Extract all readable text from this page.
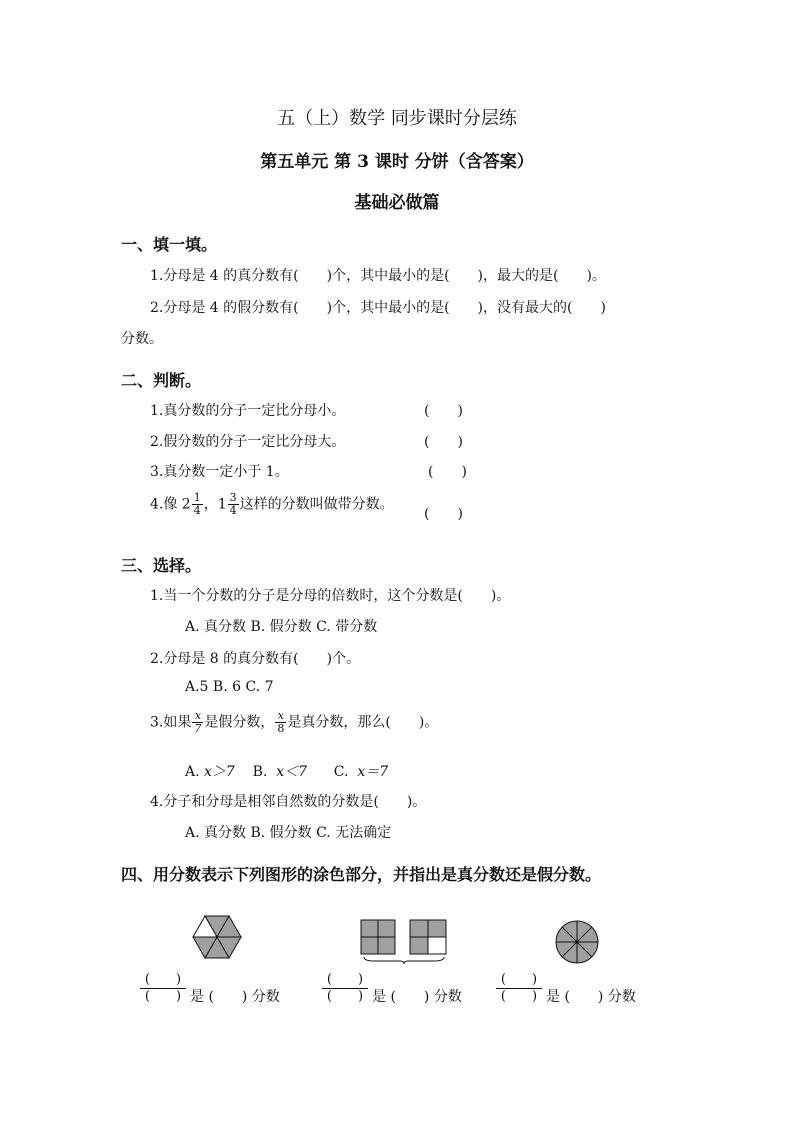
五（上）数学 同步课时分层练
第五单元 第 3 课时 分饼（含答案）
基础必做篇
一、填一填。
1.分母是 4 的真分数有(　　)个，其中最小的是(　　)，最大的是(　　)。
2.分母是 4 的假分数有(　　)个，其中最小的是(　　)，没有最大的(　　)
分数。
二、判断。
1.真分数的分子一定比分母小。	(　　)
2.假分数的分子一定比分母大。	(　　)
3.真分数一定小于 1。	(　　)
4.像 $2 \frac{1}{4}$ ，$1 \frac{3}{4}$ 这样的分数叫做带分数。
(　　)
三、选择。
1.当一个分数的分子是分母的倍数时，这个分数是(　　)。
A. 真分数 B. 假分数 C. 带分数
2.分母是 8 的真分数有(　　)个。
A.5 B. 6 C. 7
3.如果 $\frac{x}{7}$ 是假分数， $\frac{x}{8}$ 是真分数，那么(　　)。
A. x＞7    B.  x＜7      C.  x＝7
4.分子和分母是相邻自然数的分数是(　　)。
A. 真分数 B. 假分数 C. 无法确定
四、用分数表示下列图形的涂色部分，并指出是真分数还是假分数。
(　　)
(　　) 是 (　　) 分数
(　　)
(　　) 是 (　　) 分数
(　　)
(　　) 是 (　　) 分数
